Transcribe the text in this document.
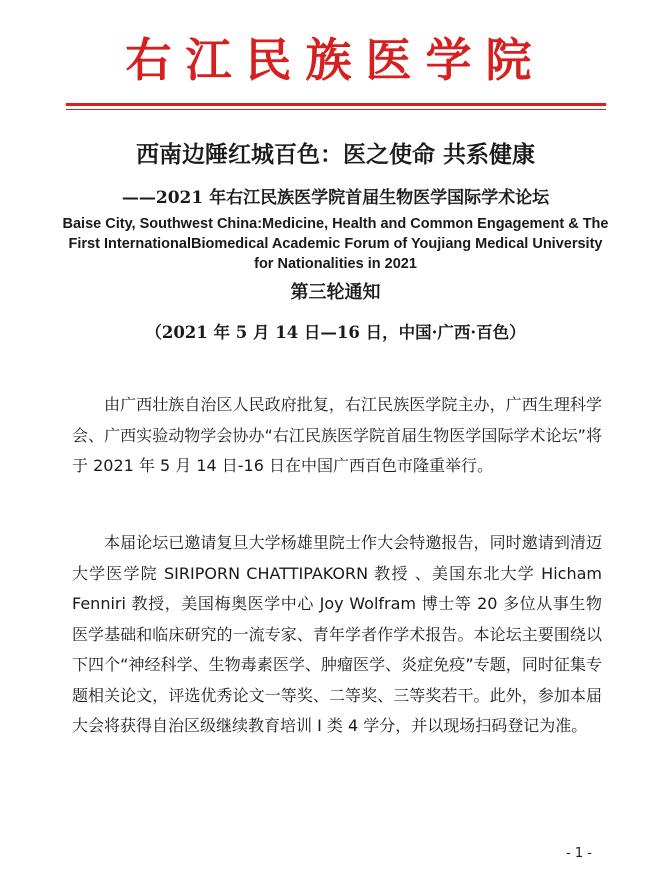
右江民族医学院
西南边陲红城百色：医之使命 共系健康
——2021 年右江民族医学院首届生物医学国际学术论坛
Baise City, Southwest China:Medicine, Health and Common Engagement & The First InternationalBiomedical Academic Forum of Youjiang Medical University for Nationalities in 2021
第三轮通知
（2021 年 5 月 14 日—16 日，中国·广西·百色）

由广西壮族自治区人民政府批复，右江民族医学院主办，广西生理科学会、广西实验动物学会协办“右江民族医学院首届生物医学国际学术论坛”将于 2021 年 5 月 14 日-16 日在中国广西百色市隆重举行。

本届论坛已邀请复旦大学杨雄里院士作大会特邀报告，同时邀请到清迈大学医学院 SIRIPORN CHATTIPAKORN 教授 、美国东北大学 Hicham Fenniri 教授，美国梅奥医学中心 Joy Wolfram 博士等 20 多位从事生物医学基础和临床研究的一流专家、青年学者作学术报告。本论坛主要围绕以下四个“神经科学、生物毒素医学、肿瘤医学、炎症免疫”专题，同时征集专题相关论文，评选优秀论文一等奖、二等奖、三等奖若干。此外，参加本届大会将获得自治区级继续教育培训 I 类 4 学分，并以现场扫码登记为准。

- 1 -
